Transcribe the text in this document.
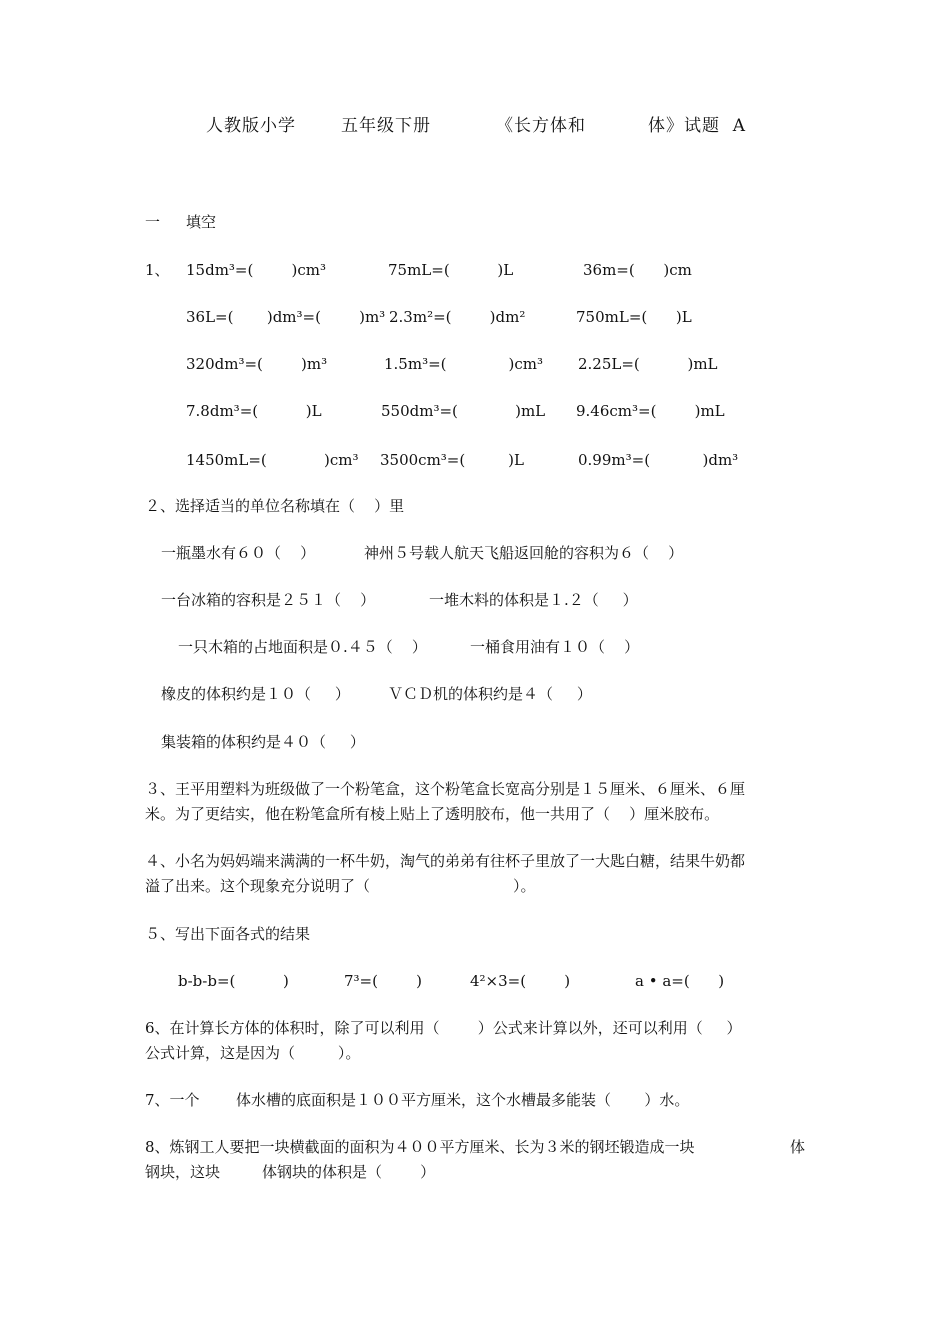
人教版小学	五年级下册	《长方体和	体》试题  A
一 填空
1、 15dm³=(        )cm³	75mL=(          )L	36m=(      )cm
36L=(       )dm³=(        )m³ 2.3m²=(        )dm²	750mL=(      )L
320dm³=(        )m³	1.5m³=(             )cm³ 2.25L=(          )mL
7.8dm³=(          )L	550dm³=(            )mL 9.46cm³=(        )mL
1450mL=(            )cm³ 3500cm³=(         )L	0.99m³=(           )dm³
２、选择适当的单位名称填在（    ）里
一瓶墨水有６０（    ）	神州５号载人航天飞船返回舱的容积为６（    ）
一台冰箱的容积是２５１（    ）	一堆木料的体积是１.２（     ）
一只木箱的占地面积是０.４５（    ）	一桶食用油有１０（    ）
橡皮的体积约是１０（     ）	ＶＣＤ机的体积约是４（     ）
集装箱的体积约是４０（     ）
３、王平用塑料为班级做了一个粉笔盒，这个粉笔盒长宽高分别是１５厘米、６厘米、６厘
米。为了更结实，他在粉笔盒所有棱上贴上了透明胶布，他一共用了（    ）厘米胶布。
４、小名为妈妈端来满满的一杯牛奶，淘气的弟弟有往杯子里放了一大匙白糖，结果牛奶都
溢了出来。这个现象充分说明了（                              ）。
５、写出下面各式的结果
b-b-b=(          )	7³=(        )	4²×3=(        )	a • a=(      )
6、在计算长方体的体积时，除了可以利用（        ）公式来计算以外，还可以利用（     ）
公式计算，这是因为（         ）。
7、一个 体水槽的底面积是１００平方厘米，这个水槽最多能装（       ）水。
8、炼钢工人要把一块横截面的面积为４００平方厘米、长为３米的钢坯锻造成一块	体
钢块，这块	体钢块的体积是（        ）
